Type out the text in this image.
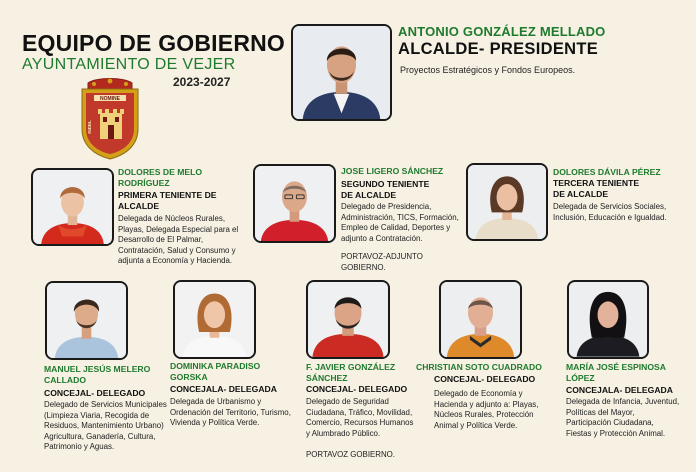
EQUIPO DE GOBIERNO
AYUNTAMIENTO DE VEJER
2023-2027
NOMINE
INDEL
ANTONIO GONZÁLEZ MELLADO
ALCALDE- PRESIDENTE
Proyectos Estratégicos y Fondos Europeos.
DOLORES DE MELO RODRÍGUEZ
PRIMERA TENIENTE DE ALCALDE
Delegada de Núcleos Rurales, Playas, Delegada Especial para el Desarrollo de El Palmar, Contratación, Salud y Consumo y adjunta a Economía y Hacienda.
JOSE LIGERO SÁNCHEZ
SEGUNDO TENIENTE DE ALCALDE
Delegado de Presidencia, Administración, TICS, Formación, Empleo de Calidad, Deportes y adjunto a Contratación.
PORTAVOZ-ADJUNTO GOBIERNO.
DOLORES DÁVILA PÉREZ
TERCERA TENIENTE DE ALCALDE
Delegada de Servicios Sociales, Inclusión, Educación e Igualdad.
MANUEL JESÚS MELERO CALLADO
CONCEJAL- DELEGADO
Delegado de Servicios Municipales (Limpieza Viaria, Recogida de Residuos, Mantenimiento Urbano) Agricultura, Ganadería, Cultura, Patrimonio y Aguas.
DOMINIKA PARADISO GORSKA
CONCEJALA- DELEGADA
Delegada de Urbanismo y Ordenación del Territorio, Turismo, Vivienda y Política Verde.
F. JAVIER GONZÁLEZ SÁNCHEZ
CONCEJAL- DELEGADO
Delegado de Seguridad Ciudadana, Tráfico, Movilidad, Comercio, Recursos Humanos y Alumbrado Público.
PORTAVOZ GOBIERNO.
CHRISTIAN SOTO CUADRADO
CONCEJAL- DELEGADO
Delegado de Economía y Hacienda y adjunto a: Playas, Núcleos Rurales, Protección Animal y Política Verde.
MARÍA JOSÉ ESPINOSA LÓPEZ
CONCEJALA- DELEGADA
Delegada de Infancia, Juventud, Políticas del Mayor, Participación Ciudadana, Fiestas y Protección Animal.
